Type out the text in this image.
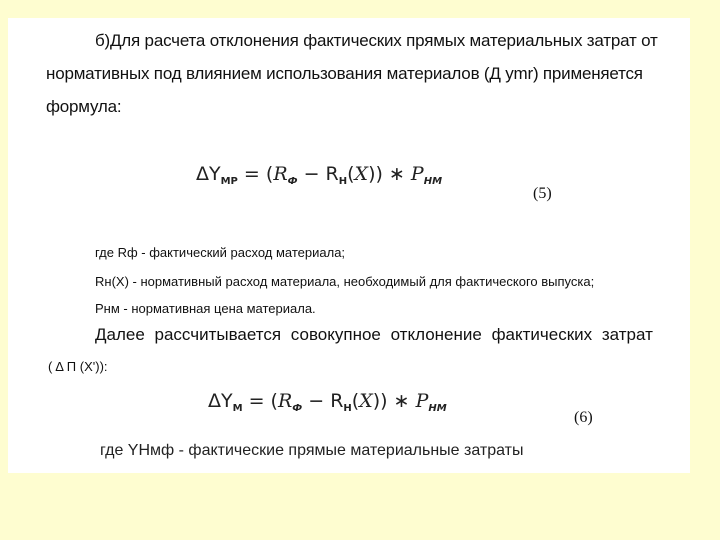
б)Для расчета отклонения фактических прямых материальных затрат от
нормативных под влиянием использования материалов (Д ymr) применяется
формула:
$\Delta Y_{МР} = (R_Ф - R_Н(X))$ ∗ $P_{НМ}$
(5)
где Rф - фактический расход материала;
Rн(X) - нормативный расход материала, необходимый для фактического выпуска;
Рнм - нормативная цена материала.
Далее рассчитывается совокупное отклонение фактических затрат
( Δ П (X')):
$\Delta Y_М = (R_Ф - R_Н(X))$ ∗ $P_{НМ}$
(6)
где YНмф - фактические прямые материальные затраты
